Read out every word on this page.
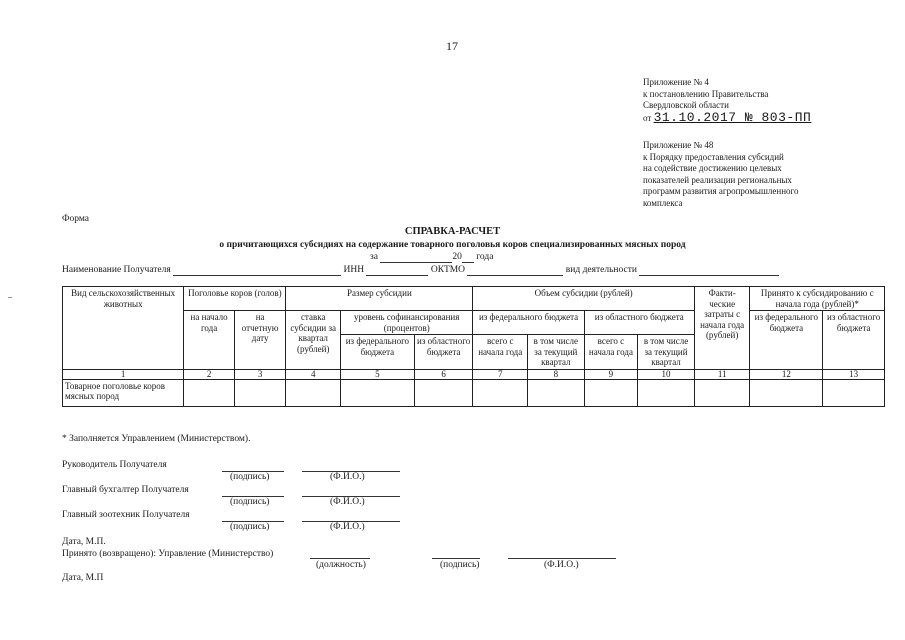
17
Приложение № 4
к постановлению Правительства
Свердловской области
от 31.10.2017 № 803-ПП
Приложение № 48
к Порядку предоставления субсидий
на содействие достижению целевых
показателей реализации региональных
программ развития агропромышленного
комплекса
Форма
СПРАВКА-РАСЧЕТ
о причитающихся субсидиях на содержание товарного поголовья коров специализированных мясных пород
за	20 года
Наименование Получателя	ИНН	ОКТМО	вид деятельности
Вид сельскохозяйственных животных	Поголовье коров (голов)		Размер субсидии			Объем субсидии (рублей)				Факти-ческие затраты с начала года (рублей)	Принято к субсидированию с начала года (рублей)*	
	на начало года	на отчетную дату	ставка субсидии за квартал (рублей)	уровень софинансирования (процентов)		из федерального бюджета		из областного бюджета			из федерального бюджета	из областного бюджета
				из федерального бюджета	из областного бюджета	всего с начала года	в том числе за текущий квартал	всего с начала года	в том числе за текущий квартал			
1	2	3	4	5	6	7	8	9	10	11	12	13
Товарное поголовье коров мясных пород												
* Заполняется Управлением (Министерством).
Руководитель Получателя
(подпись)	(Ф.И.О.)
Главный бухгалтер Получателя
(подпись)	(Ф.И.О.)
Главный зоотехник Получателя
(подпись)	(Ф.И.О.)
Дата, М.П.
Принято (возвращено): Управление (Министерство)
(должность)	(подпись)	(Ф.И.О.)
Дата, М.П
